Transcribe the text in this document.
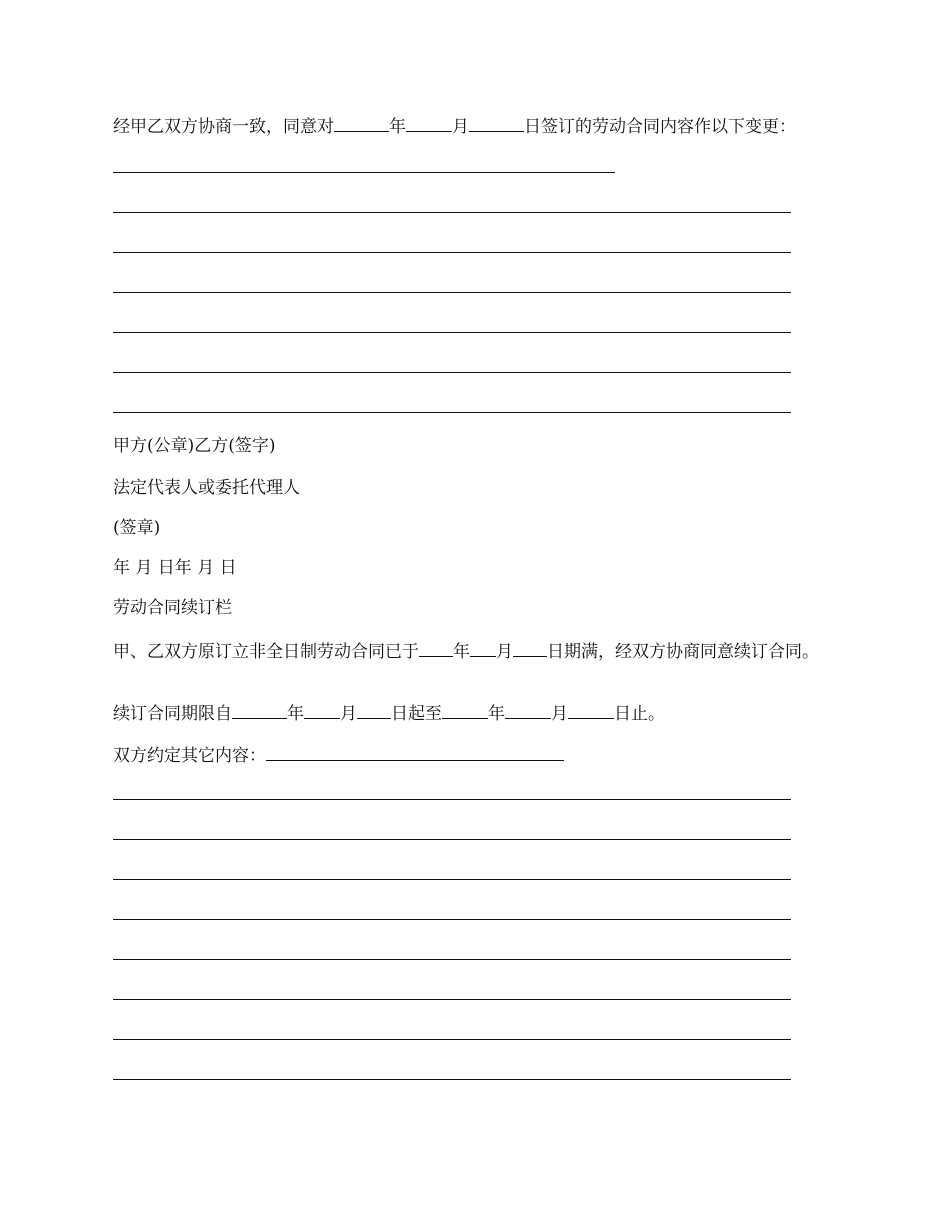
经甲乙双方协商一致，同意对	年	月	日签订的劳动合同内容作以下变更：
甲方(公章)乙方(签字)
法定代表人或委托代理人
(签章)
年 月 日年 月 日
劳动合同续订栏
甲、乙双方原订立非全日制劳动合同已于 年 月 日期满，经双方协商同意续订合同。
续订合同期限自	年 月 日起至	年	月	日止。
双方约定其它内容：
